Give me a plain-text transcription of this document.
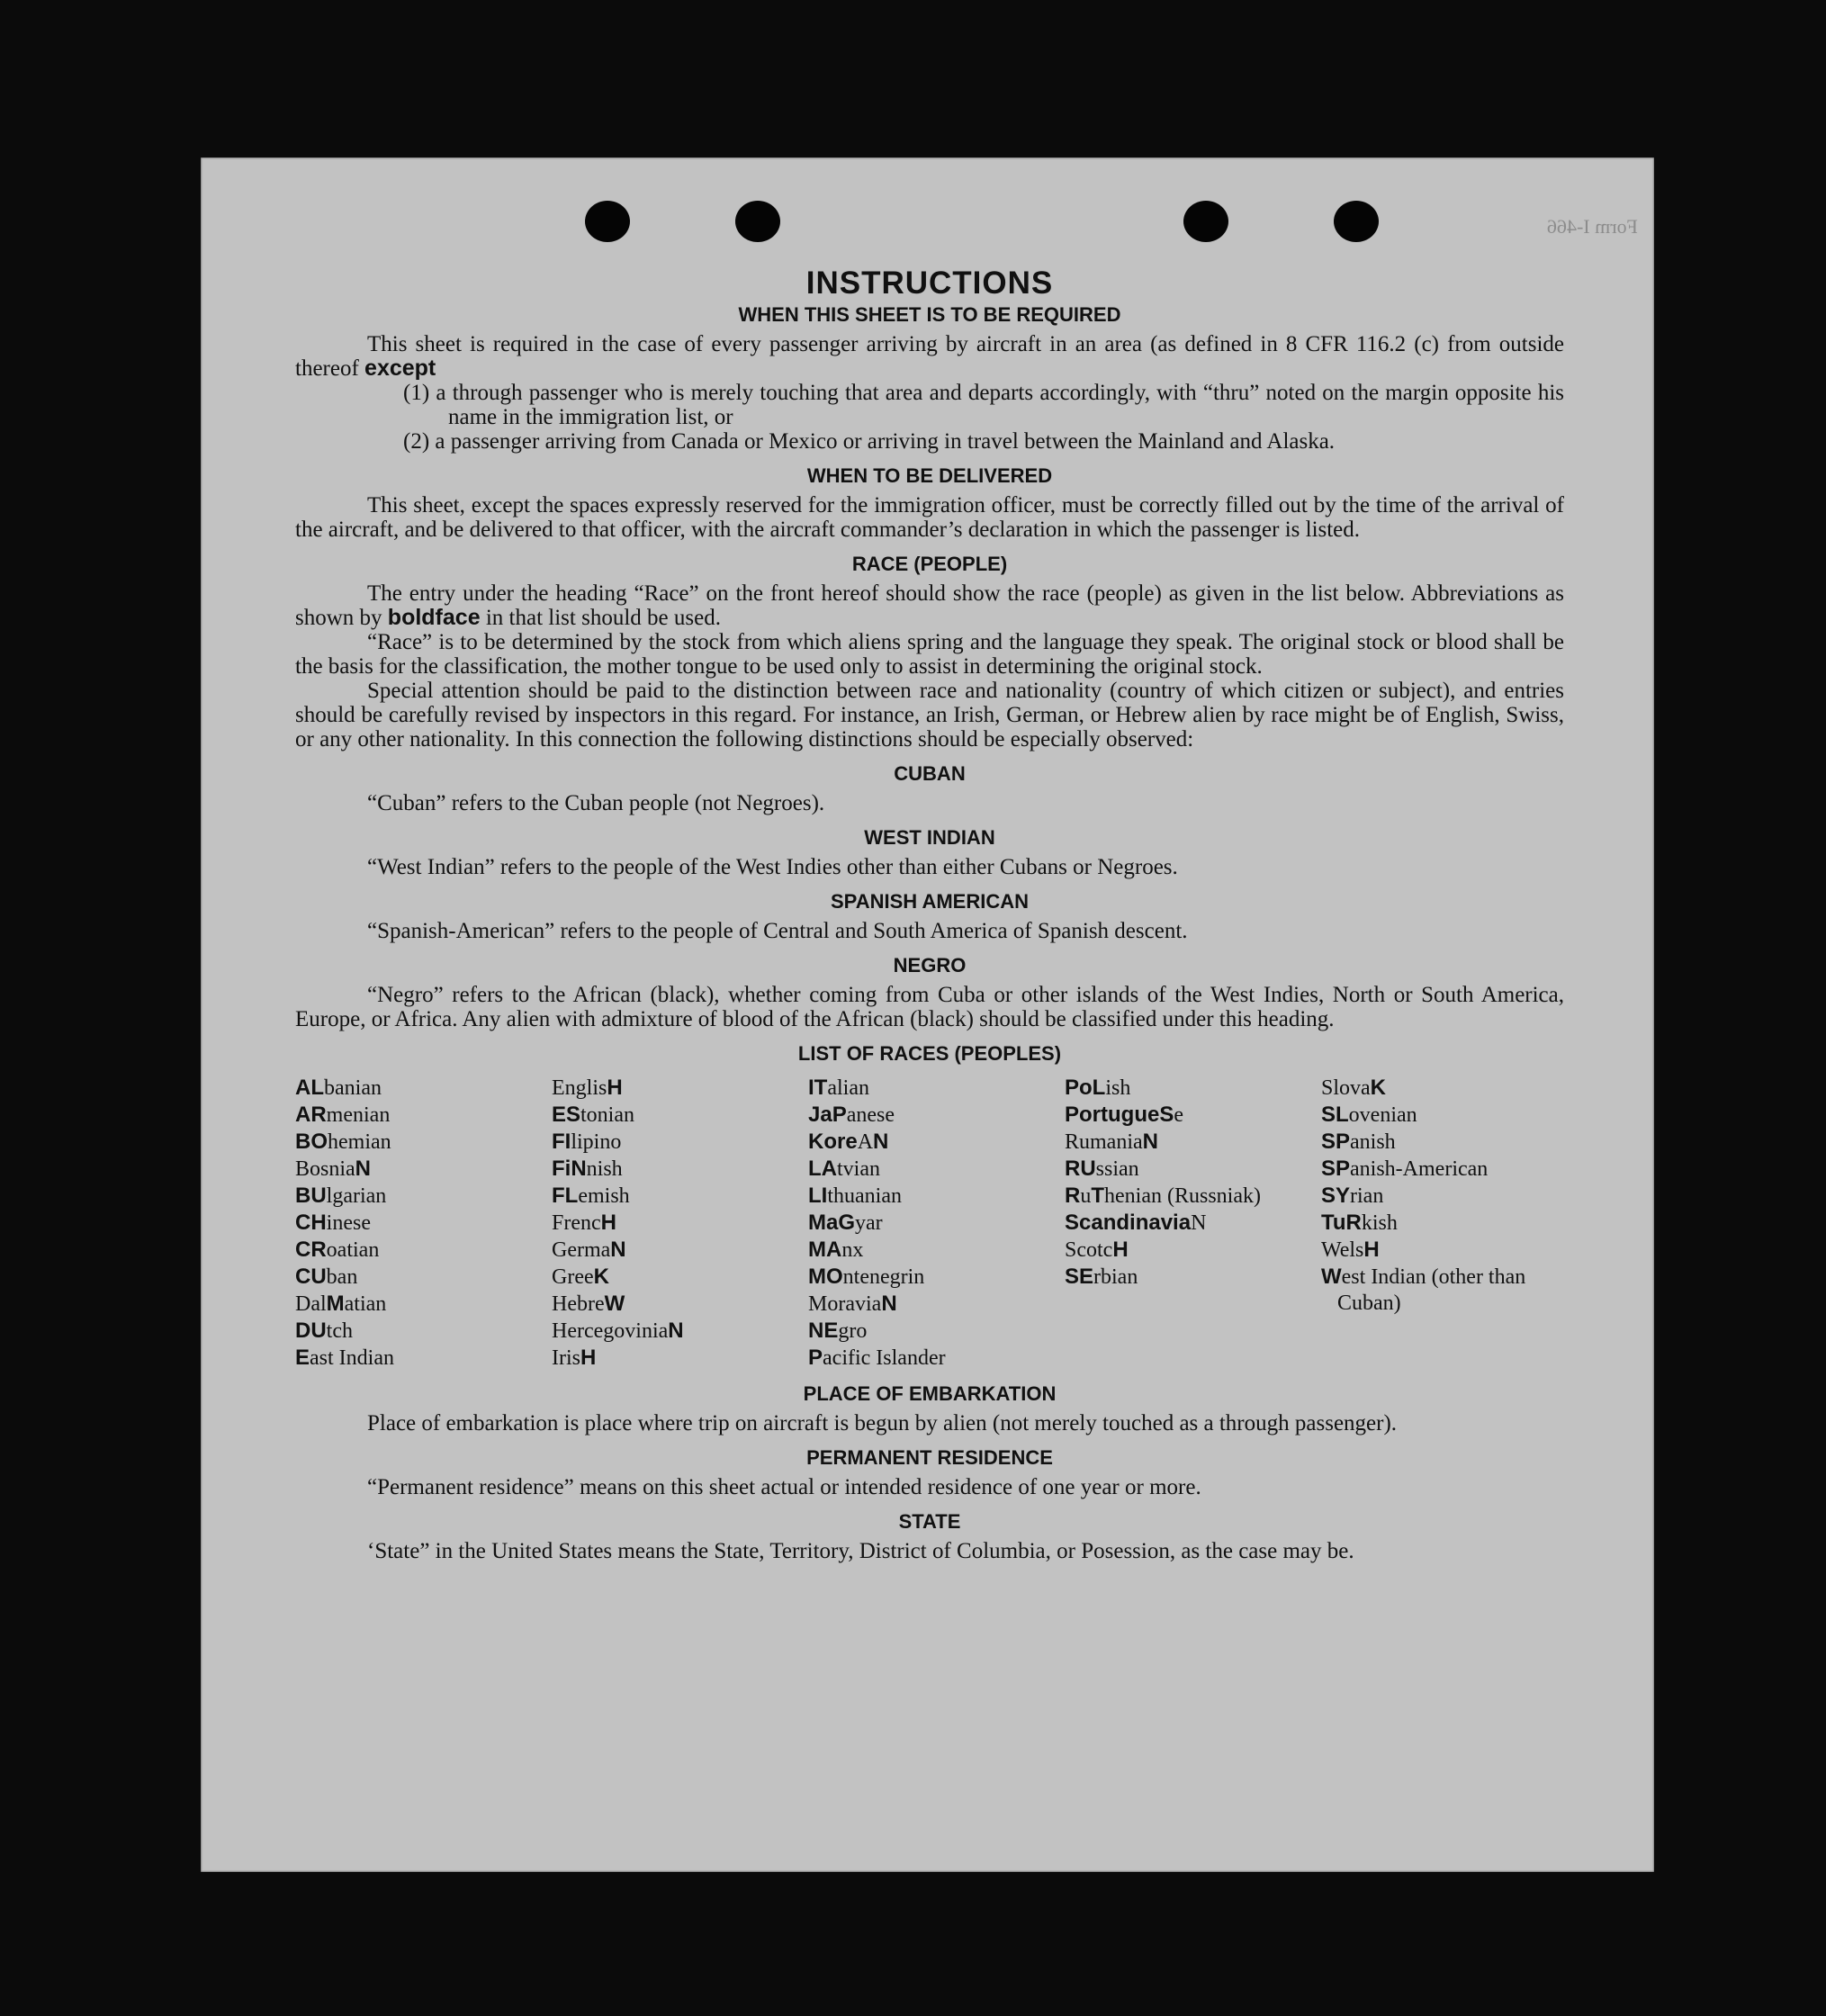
Form I-466
INSTRUCTIONS
WHEN THIS SHEET IS TO BE REQUIRED

This sheet is required in the case of every passenger arriving by aircraft in an area (as defined in 8 CFR 116.2 (c) from outside thereof except

(1) a through passenger who is merely touching that area and departs accordingly, with “thru” noted on the margin opposite his name in the immigration list, or

(2) a passenger arriving from Canada or Mexico or arriving in travel between the Mainland and Alaska.

WHEN TO BE DELIVERED

This sheet, except the spaces expressly reserved for the immigration officer, must be correctly filled out by the time of the arrival of the aircraft, and be delivered to that officer, with the aircraft commander’s declaration in which the passenger is listed.

RACE (PEOPLE)

The entry under the heading “Race” on the front hereof should show the race (people) as given in the list below. Abbreviations as shown by boldface in that list should be used.

“Race” is to be determined by the stock from which aliens spring and the language they speak. The original stock or blood shall be the basis for the classification, the mother tongue to be used only to assist in determining the original stock.

Special attention should be paid to the distinction between race and nationality (country of which citizen or subject), and entries should be carefully revised by inspectors in this regard. For instance, an Irish, German, or Hebrew alien by race might be of English, Swiss, or any other nationality. In this connection the following distinctions should be especially observed:

CUBAN

“Cuban” refers to the Cuban people (not Negroes).

WEST INDIAN

“West Indian” refers to the people of the West Indies other than either Cubans or Negroes.

SPANISH AMERICAN

“Spanish-American” refers to the people of Central and South America of Spanish descent.

NEGRO

“Negro” refers to the African (black), whether coming from Cuba or other islands of the West Indies, North or South America, Europe, or Africa. Any alien with admixture of blood of the African (black) should be classified under this heading.

LIST OF RACES (PEOPLES)
ALbanian
ARmenian
BOhemian
BosniaN
BUlgarian
CHinese
CRoatian
CUban
DalMatian
DUtch
East Indian
EnglisH
EStonian
FIlipino
FiNnish
FLemish
FrencH
GermaN
GreeK
HebreW
HercegoviniaN
IrisH
ITalian
JaPanese
KoreAN
LAtvian
LIthuanian
MaGyar
MAnx
MOntenegrin
MoraviaN
NEgro
Pacific Islander
PoLish
PortugueSe
RumaniaN
RUssian
RuThenian (Russniak)
ScandinaviaN
ScotcH
SErbian
SlovaK
SLovenian
SPanish
SPanish-American
SYrian
TuRkish
WelsH
West Indian (other than Cuban)
PLACE OF EMBARKATION

Place of embarkation is place where trip on aircraft is begun by alien (not merely touched as a through passenger).

PERMANENT RESIDENCE

“Permanent residence” means on this sheet actual or intended residence of one year or more.

STATE

‘State” in the United States means the State, Territory, District of Columbia, or Posession, as the case may be.
